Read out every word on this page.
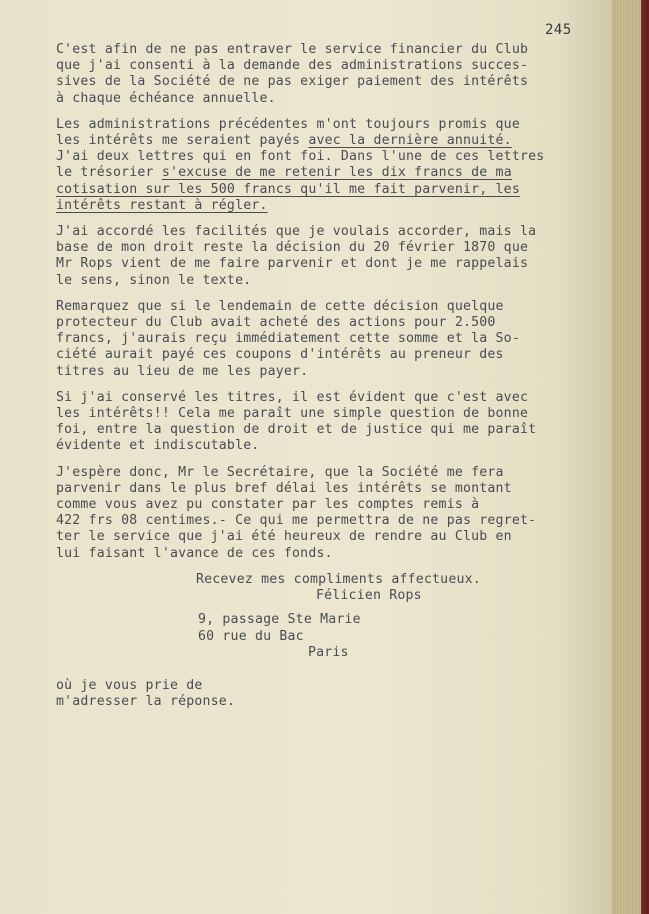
245
C'est afin de ne pas entraver le service financier du Club
que j'ai consenti à la demande des administrations succes-
sives de la Société de ne pas exiger paiement des intérêts
à chaque échéance annuelle.
Les administrations précédentes m'ont toujours promis que
les intérêts me seraient payés avec la dernière annuité.
J'ai deux lettres qui en font foi. Dans l'une de ces lettres
le trésorier s'excuse de me retenir les dix francs de ma
cotisation sur les 500 francs qu'il me fait parvenir, les
intérêts restant à régler.
J'ai accordé les facilités que je voulais accorder, mais la
base de mon droit reste la décision du 20 février 1870 que
Mr Rops vient de me faire parvenir et dont je me rappelais
le sens, sinon le texte.
Remarquez que si le lendemain de cette décision quelque
protecteur du Club avait acheté des actions pour 2.500
francs, j'aurais reçu immédiatement cette somme et la So-
ciété aurait payé ces coupons d'intérêts au preneur des
titres au lieu de me les payer.
Si j'ai conservé les titres, il est évident que c'est avec
les intérêts!! Cela me paraît une simple question de bonne
foi, entre la question de droit et de justice qui me paraît
évidente et indiscutable.
J'espère donc, Mr le Secrétaire, que la Société me fera
parvenir dans le plus bref délai les intérêts se montant
comme vous avez pu constater par les comptes remis à
422 frs 08 centimes.- Ce qui me permettra de ne pas regret-
ter le service que j'ai été heureux de rendre au Club en
lui faisant l'avance de ces fonds.
Recevez mes compliments affectueux.
Félicien Rops
9, passage Ste Marie
60 rue du Bac
Paris
où je vous prie de
m'adresser la réponse.
